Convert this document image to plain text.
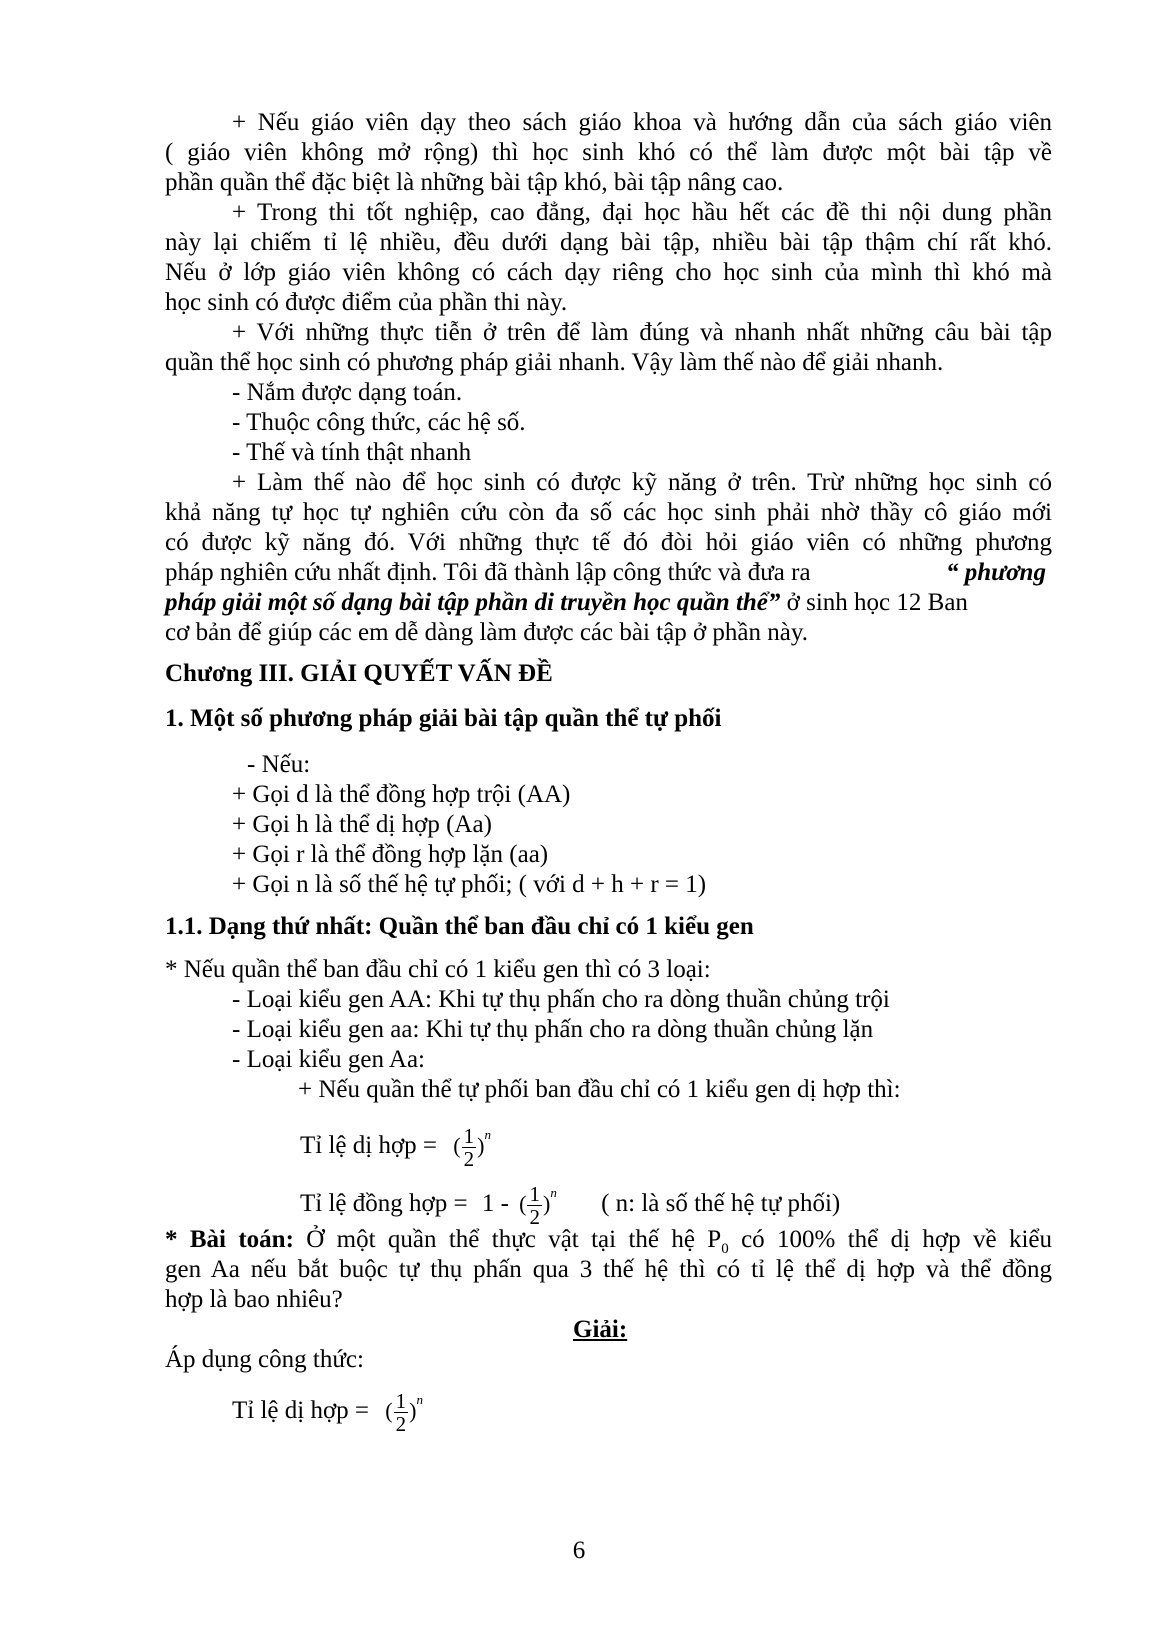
+ Nếu giáo viên dạy theo sách giáo khoa và hướng dẫn của sách giáo viên
( giáo viên không mở rộng) thì học sinh khó có thể làm được một bài tập về
phần quần thể đặc biệt là những bài tập khó, bài tập nâng cao.
+ Trong thi tốt nghiệp, cao đẳng, đại học hầu hết các đề thi nội dung phần
này lại chiếm tỉ lệ nhiều, đều dưới dạng bài tập, nhiều bài tập thậm chí rất khó.
Nếu ở lớp giáo viên không có cách dạy riêng cho học sinh của mình thì khó mà
học sinh có được điểm của phần thi này.
+ Với những thực tiễn ở trên để làm đúng và nhanh nhất những câu bài tập
quần thể học sinh có phương pháp giải nhanh. Vậy làm thế nào để giải nhanh.
- Nắm được dạng toán.
- Thuộc công thức, các hệ số.
- Thế và tính thật nhanh
+ Làm thế nào để học sinh có được kỹ năng ở trên. Trừ những học sinh có
khả năng tự học tự nghiên cứu còn đa số các học sinh phải nhờ thầy cô giáo mới
có được kỹ năng đó. Với những thực tế đó đòi hỏi giáo viên có những phương
pháp nghiên cứu nhất định. Tôi đã thành lập công thức và đưa ra	“ phương
pháp giải một số dạng bài tập phần di truyền học quần thể” ở sinh học 12 Ban
cơ bản để giúp các em dễ dàng làm được các bài tập ở phần này.
Chương III. GIẢI QUYẾT VẤN ĐỀ
1. Một số phương pháp giải bài tập quần thể tự phối
- Nếu:
+ Gọi d là thể đồng hợp trội (AA)
+ Gọi h là thể dị hợp (Aa)
+ Gọi r là thể đồng hợp lặn (aa)
+ Gọi n là số thế hệ tự phối; ( với d + h + r = 1)
1.1. Dạng thứ nhất: Quần thể ban đầu chỉ có 1 kiểu gen
* Nếu quần thể ban đầu chỉ có 1 kiểu gen thì có 3 loại:
- Loại kiểu gen AA: Khi tự thụ phấn cho ra dòng thuần chủng trội
- Loại kiểu gen aa: Khi tự thụ phấn cho ra dòng thuần chủng lặn
- Loại kiểu gen Aa:
+ Nếu quần thể tự phối ban đầu chỉ có 1 kiểu gen dị hợp thì:
Tỉ lệ dị hợp = ( $\frac{1}{2} )^n$
Tỉ lệ đồng hợp = 1 - ( $\frac{1}{2} )^n$ ( n: là số thế hệ tự phối)
* Bài toán: Ở một quần thể thực vật tại thế hệ $P_0$ có 100% thể dị hợp về kiểu
gen Aa nếu bắt buộc tự thụ phấn qua 3 thế hệ thì có tỉ lệ thể dị hợp và thể đồng
hợp là bao nhiêu?
Giải:
Áp dụng công thức:
Tỉ lệ dị hợp = ( $\frac{1}{2} )^n$
6
